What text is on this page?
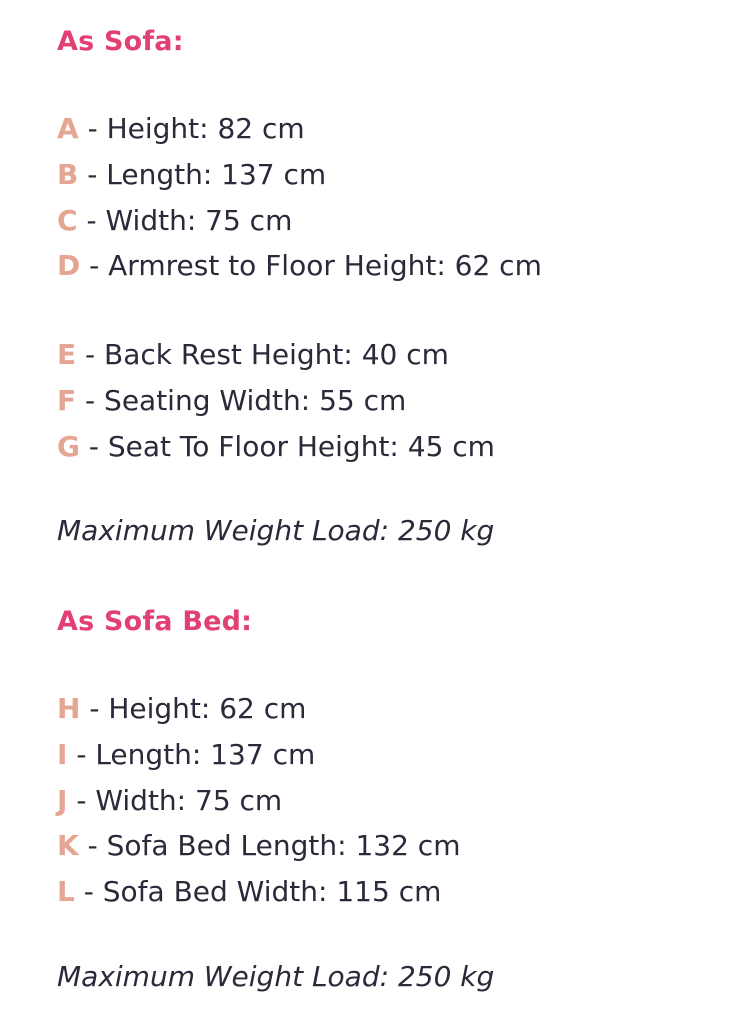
As Sofa:
A - Height: 82 cm
B - Length: 137 cm
C - Width: 75 cm
D - Armrest to Floor Height: 62 cm
E - Back Rest Height: 40 cm
F - Seating Width: 55 cm
G - Seat To Floor Height: 45 cm

Maximum Weight Load: 250 kg

As Sofa Bed:
H - Height: 62 cm
I - Length: 137 cm
J - Width: 75 cm
K - Sofa Bed Length: 132 cm
L - Sofa Bed Width: 115 cm

Maximum Weight Load: 250 kg
